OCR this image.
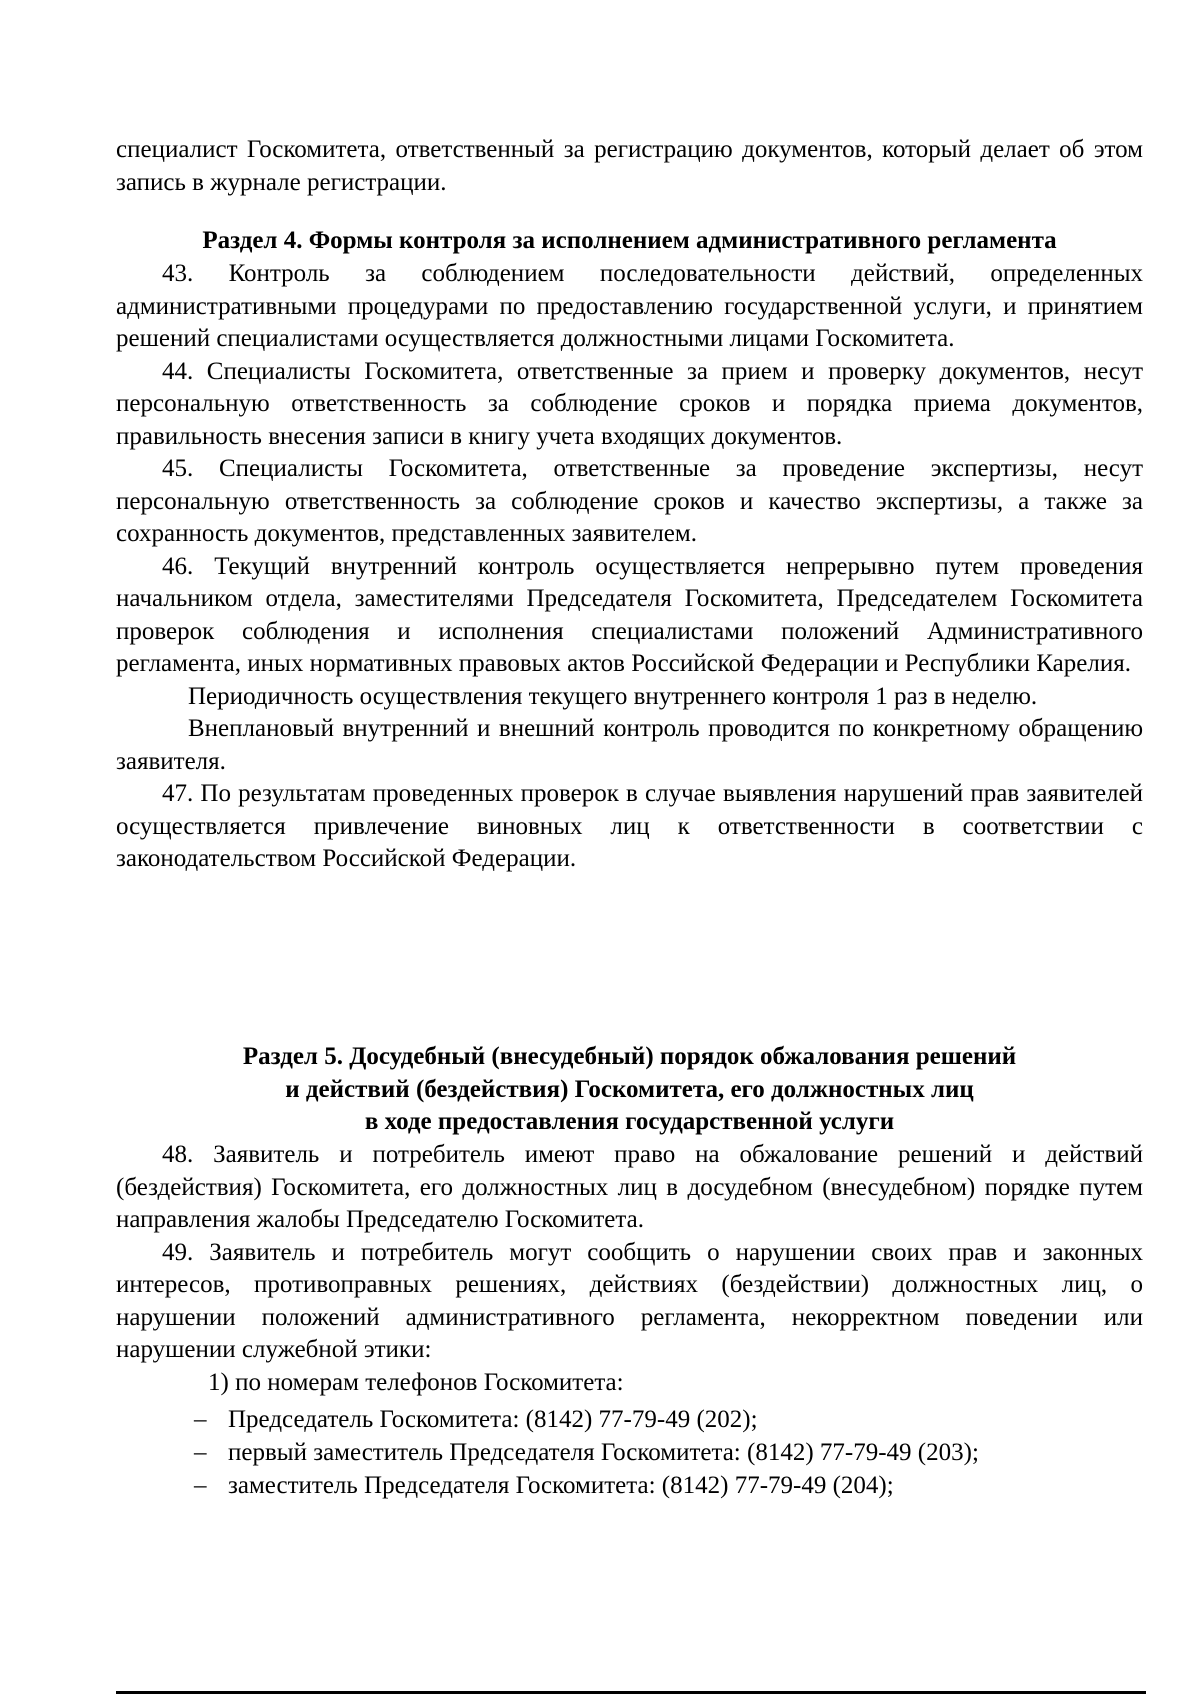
специалист Госкомитета, ответственный за регистрацию документов, который делает об этом запись в журнале регистрации.

Раздел 4. Формы контроля за исполнением административного регламента

43. Контроль за соблюдением последовательности действий, определенных административными процедурами по предоставлению государственной услуги, и принятием решений специалистами осуществляется должностными лицами Госкомитета.

44. Специалисты Госкомитета, ответственные за прием и проверку документов, несут персональную ответственность за соблюдение сроков и порядка приема документов, правильность внесения записи в книгу учета входящих документов.

45. Специалисты Госкомитета, ответственные за проведение экспертизы, несут персональную ответственность за соблюдение сроков и качество экспертизы, а также за сохранность документов, представленных заявителем.

46. Текущий внутренний контроль осуществляется непрерывно путем проведения начальником отдела, заместителями Председателя Госкомитета, Председателем Госкомитета проверок соблюдения и исполнения специалистами положений Административного регламента, иных нормативных правовых актов Российской Федерации и Республики Карелия.

Периодичность осуществления текущего внутреннего контроля 1 раз в неделю.

Внеплановый внутренний и внешний контроль проводится по конкретному обращению заявителя.

47. По результатам проведенных проверок в случае выявления нарушений прав заявителей осуществляется привлечение виновных лиц к ответственности в соответствии с законодательством Российской Федерации.

Раздел 5. Досудебный (внесудебный) порядок обжалования решений
и действий (бездействия) Госкомитета, его должностных лиц
в ходе предоставления государственной услуги

48. Заявитель и потребитель имеют право на обжалование решений и действий (бездействия) Госкомитета, его должностных лиц в досудебном (внесудебном) порядке путем направления жалобы Председателю Госкомитета.

49. Заявитель и потребитель могут сообщить о нарушении своих прав и законных интересов, противоправных решениях, действиях (бездействии) должностных лиц, о нарушении положений административного регламента, некорректном поведении или нарушении служебной этики:

1) по номерам телефонов Госкомитета:

– Председатель Госкомитета: (8142) 77-79-49 (202);

– первый заместитель Председателя Госкомитета: (8142) 77-79-49 (203);

– заместитель Председателя Госкомитета: (8142) 77-79-49 (204);
